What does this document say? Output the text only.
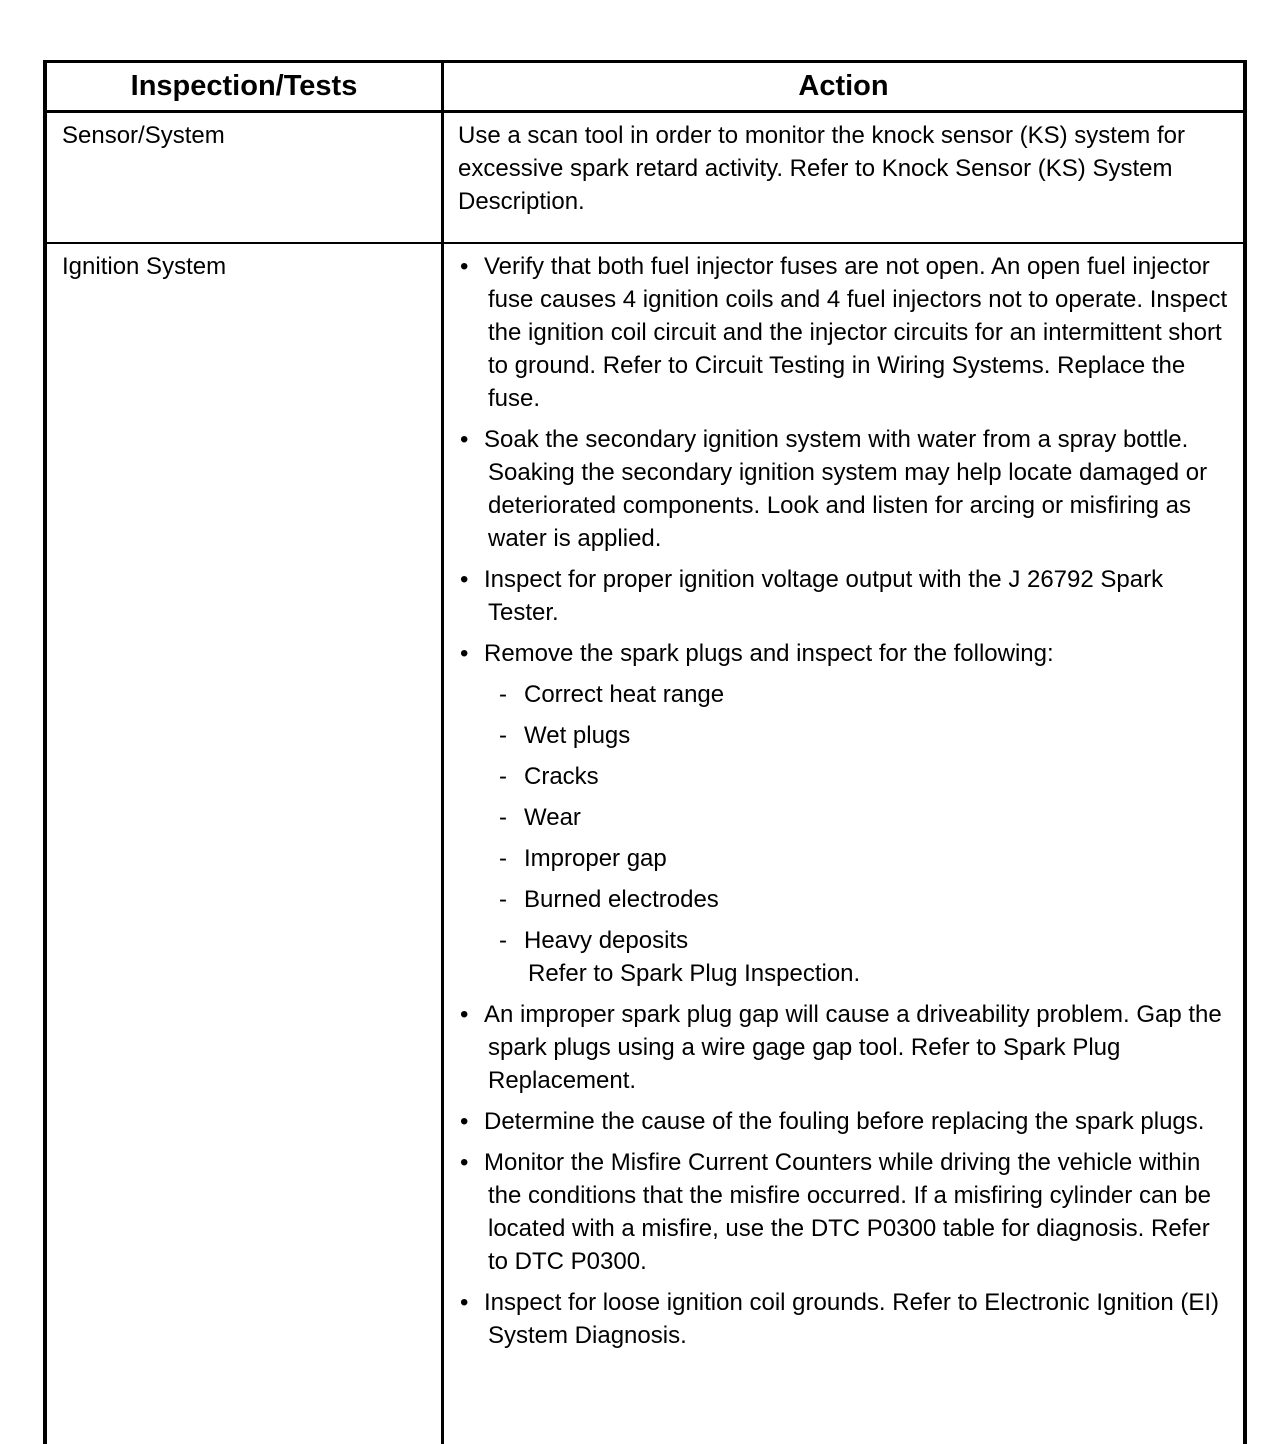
Inspection/Tests	Action
Sensor/System	Use a scan tool in order to monitor the knock sensor (KS) system for excessive spark retard activity. Refer to Knock Sensor (KS) System Description.
Ignition System	• Verify that both fuel injector fuses are not open. An open fuel injector fuse causes 4 ignition coils and 4 fuel injectors not to operate. Inspect the ignition coil circuit and the injector circuits for an intermittent short to ground. Refer to Circuit Testing in Wiring Systems. Replace the fuse.
• Soak the secondary ignition system with water from a spray bottle. Soaking the secondary ignition system may help locate damaged or deteriorated components. Look and listen for arcing or misfiring as water is applied.
• Inspect for proper ignition voltage output with the J 26792 Spark Tester.
• Remove the spark plugs and inspect for the following:
- Correct heat range
- Wet plugs
- Cracks
- Wear
- Improper gap
- Burned electrodes
- Heavy deposits
Refer to Spark Plug Inspection.
• An improper spark plug gap will cause a driveability problem. Gap the spark plugs using a wire gage gap tool. Refer to Spark Plug Replacement.
• Determine the cause of the fouling before replacing the spark plugs.
• Monitor the Misfire Current Counters while driving the vehicle within the conditions that the misfire occurred. If a misfiring cylinder can be located with a misfire, use the DTC P0300 table for diagnosis. Refer to DTC P0300.
• Inspect for loose ignition coil grounds. Refer to Electronic Ignition (EI) System Diagnosis.
